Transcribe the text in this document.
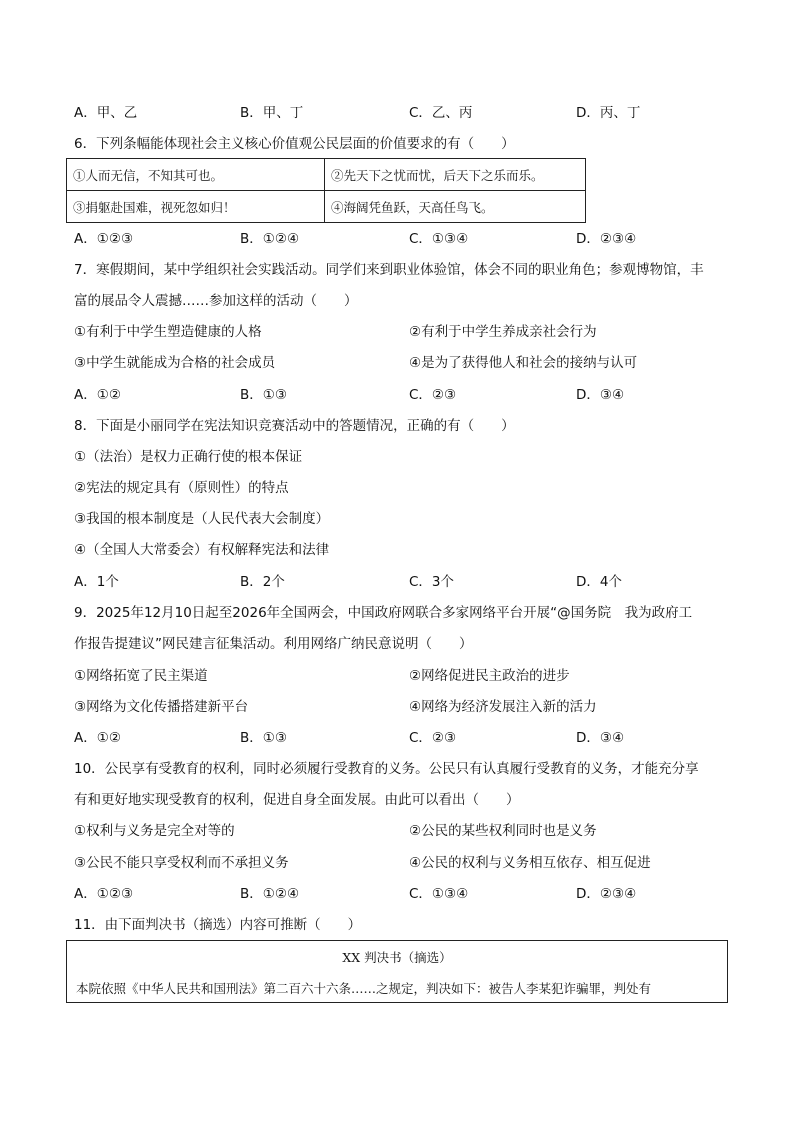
A．甲、乙	B．甲、丁	C．乙、丙	D．丙、丁
6．下列条幅能体现社会主义核心价值观公民层面的价值要求的有（　　）
①人而无信，不知其可也。	②先天下之忧而忧，后天下之乐而乐。
③捐躯赴国难，视死忽如归！	④海阔凭鱼跃，天高任鸟飞。
A．①②③	B．①②④	C．①③④	D．②③④
7．寒假期间，某中学组织社会实践活动。同学们来到职业体验馆，体会不同的职业角色；参观博物馆，丰
富的展品令人震撼……参加这样的活动（　　）
①有利于中学生塑造健康的人格	②有利于中学生养成亲社会行为
③中学生就能成为合格的社会成员	④是为了获得他人和社会的接纳与认可
A．①②	B．①③	C．②③	D．③④
8．下面是小丽同学在宪法知识竞赛活动中的答题情况，正确的有（　　）
①（法治）是权力正确行使的根本保证
②宪法的规定具有（原则性）的特点
③我国的根本制度是（人民代表大会制度）
④（全国人大常委会）有权解释宪法和法律
A．1个	B．2个	C．3个	D．4个
9．2025年12月10日起至2026年全国两会，中国政府网联合多家网络平台开展“@国务院　我为政府工
作报告提建议”网民建言征集活动。利用网络广纳民意说明（　　）
①网络拓宽了民主渠道	②网络促进民主政治的进步
③网络为文化传播搭建新平台	④网络为经济发展注入新的活力
A．①②	B．①③	C．②③	D．③④
10．公民享有受教育的权利，同时必须履行受教育的义务。公民只有认真履行受教育的义务，才能充分享
有和更好地实现受教育的权利，促进自身全面发展。由此可以看出（　　）
①权利与义务是完全对等的	②公民的某些权利同时也是义务
③公民不能只享受权利而不承担义务	④公民的权利与义务相互依存、相互促进
A．①②③	B．①②④	C．①③④	D．②③④
11．由下面判决书（摘选）内容可推断（　　）
XX 判决书（摘选）
本院依照《中华人民共和国刑法》第二百六十六条……之规定，判决如下：被告人李某犯诈骗罪，判处有
